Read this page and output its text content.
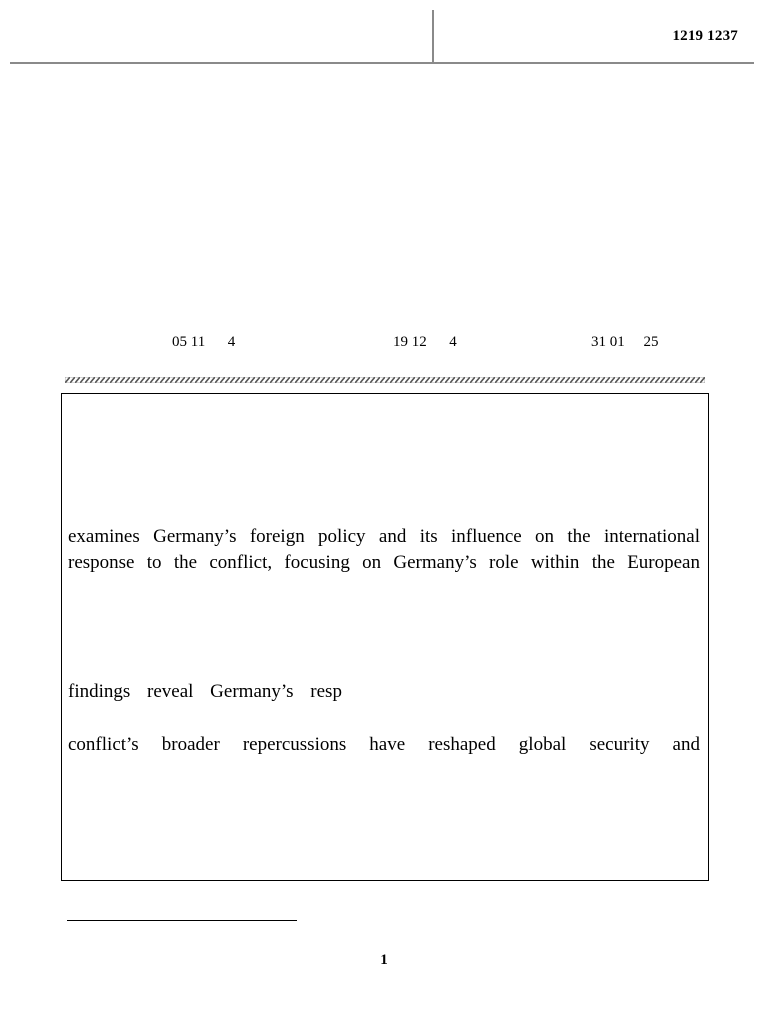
1219 1237
05 11      4	19 12      4	31 01     25
examines Germany’s foreign policy and its influence on the international
response to the conflict, focusing on Germany’s role within the European
findings reveal Germany’s resp
conflict’s broader repercussions have reshaped global security and
1
